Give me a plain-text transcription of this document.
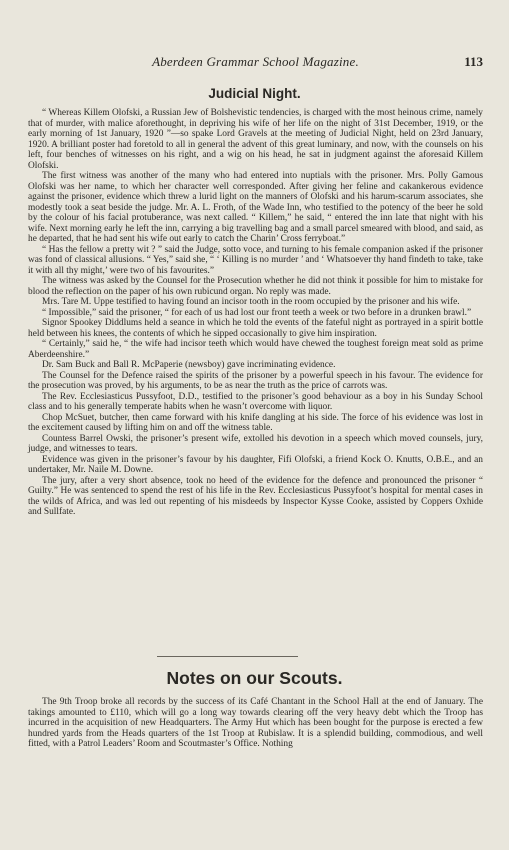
Aberdeen Grammar School Magazine.	113
Judicial Night.

“ Whereas Killem Olofski, a Russian Jew of Bolshevistic tendencies, is charged with the most heinous crime, namely that of murder, with malice aforethought, in depriving his wife of her life on the night of 31st December, 1919, or the early morning of 1st January, 1920 ”—so spake Lord Gravels at the meeting of Judicial Night, held on 23rd January, 1920. A brilliant poster had foretold to all in general the advent of this great luminary, and now, with the counsels on his left, four benches of witnesses on his right, and a wig on his head, he sat in judgment against the aforesaid Killem Olofski.

The first witness was another of the many who had entered into nuptials with the prisoner. Mrs. Polly Gamous Olofski was her name, to which her character well corresponded. After giving her feline and cakankerous evidence against the prisoner, evidence which threw a lurid light on the manners of Olofski and his harum-scarum associates, she modestly took a seat beside the judge. Mr. A. L. Froth, of the Wade Inn, who testified to the potency of the beer he sold by the colour of his facial protuberance, was next called. “ Killem,” he said, “ entered the inn late that night with his wife. Next morning early he left the inn, carrying a big travelling bag and a small parcel smeared with blood, and said, as he departed, that he had sent his wife out early to catch the Charin’ Cross ferryboat.”

“ Has the fellow a pretty wit ? ” said the Judge, sotto voce, and turning to his female companion asked if the prisoner was fond of classical allusions. “ Yes,” said she, “ ‘ Killing is no murder ’ and ‘ Whatsoever thy hand findeth to take, take it with all thy might,’ were two of his favourites.”

The witness was asked by the Counsel for the Prosecution whether he did not think it possible for him to mistake for blood the reflection on the paper of his own rubicund organ. No reply was made.

Mrs. Tare M. Uppe testified to having found an incisor tooth in the room occupied by the prisoner and his wife.

“ Impossible,” said the prisoner, “ for each of us had lost our front teeth a week or two before in a drunken brawl.”

Signor Spookey Diddlums held a seance in which he told the events of the fateful night as portrayed in a spirit bottle held between his knees, the contents of which he sipped occasionally to give him inspiration.

“ Certainly,” said he, “ the wife had incisor teeth which would have chewed the toughest foreign meat sold as prime Aberdeenshire.”

Dr. Sam Buck and Ball R. McPaperie (newsboy) gave incriminating evidence.

The Counsel for the Defence raised the spirits of the prisoner by a powerful speech in his favour. The evidence for the prosecution was proved, by his arguments, to be as near the truth as the price of carrots was.

The Rev. Ecclesiasticus Pussyfoot, D.D., testified to the prisoner’s good behaviour as a boy in his Sunday School class and to his generally temperate habits when he wasn’t overcome with liquor.

Chop McSuet, butcher, then came forward with his knife dangling at his side. The force of his evidence was lost in the excitement caused by lifting him on and off the witness table.

Countess Barrel Owski, the prisoner’s present wife, extolled his devotion in a speech which moved counsels, jury, judge, and witnesses to tears.

Evidence was given in the prisoner’s favour by his daughter, Fifi Olofski, a friend Kock O. Knutts, O.B.E., and an undertaker, Mr. Naile M. Downe.

The jury, after a very short absence, took no heed of the evidence for the defence and pronounced the prisoner “ Guilty.” He was sentenced to spend the rest of his life in the Rev. Ecclesiasticus Pussyfoot’s hospital for mental cases in the wilds of Africa, and was led out repenting of his misdeeds by Inspector Kysse Cooke, assisted by Coppers Oxhide and Sullfate.

Notes on our Scouts.

The 9th Troop broke all records by the success of its Café Chantant in the School Hall at the end of January. The takings amounted to £110, which will go a long way towards clearing off the very heavy debt which the Troop has incurred in the acquisition of new Headquarters. The Army Hut which has been bought for the purpose is erected a few hundred yards from the Heads quarters of the 1st Troop at Rubislaw. It is a splendid building, commodious, and well fitted, with a Patrol Leaders’ Room and Scoutmaster’s Office. Nothing
